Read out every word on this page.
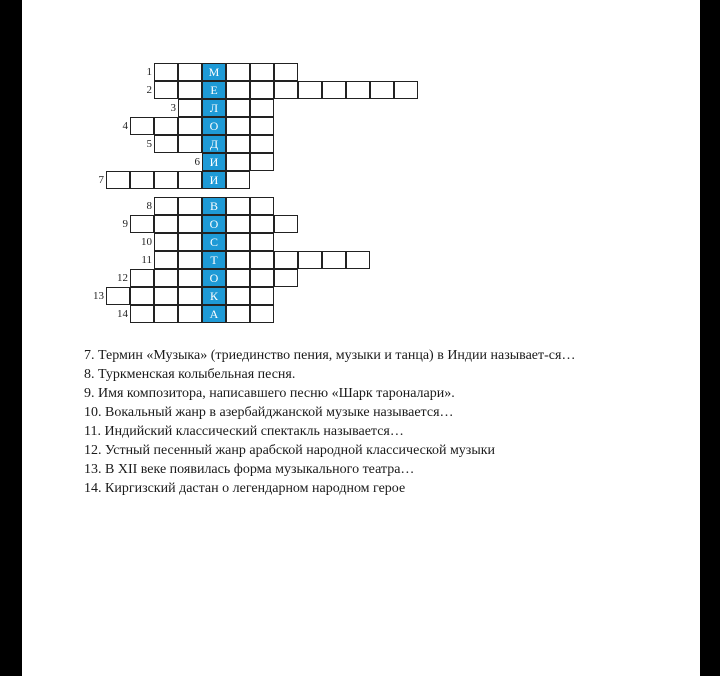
1	М
2	Е
3	Л
4	О
5	Д
6 И
7	И
8	В
9	О
10	С
11	Т
12	О
13	К
14	А

7. Термин «Музыка» (триединство пения, музыки и танца) в Индии называет-ся…

8. Туркменская колыбельная песня.

9. Имя композитора, написавшего песню «Шарк тароналари».

10. Вокальный жанр в азербайджанской музыке называется…

11. Индийский классический спектакль называется…

12. Устный песенный жанр арабской народной классической музыки

13. В XII веке появилась форма музыкального театра…

14. Киргизский дастан о легендарном народном герое
